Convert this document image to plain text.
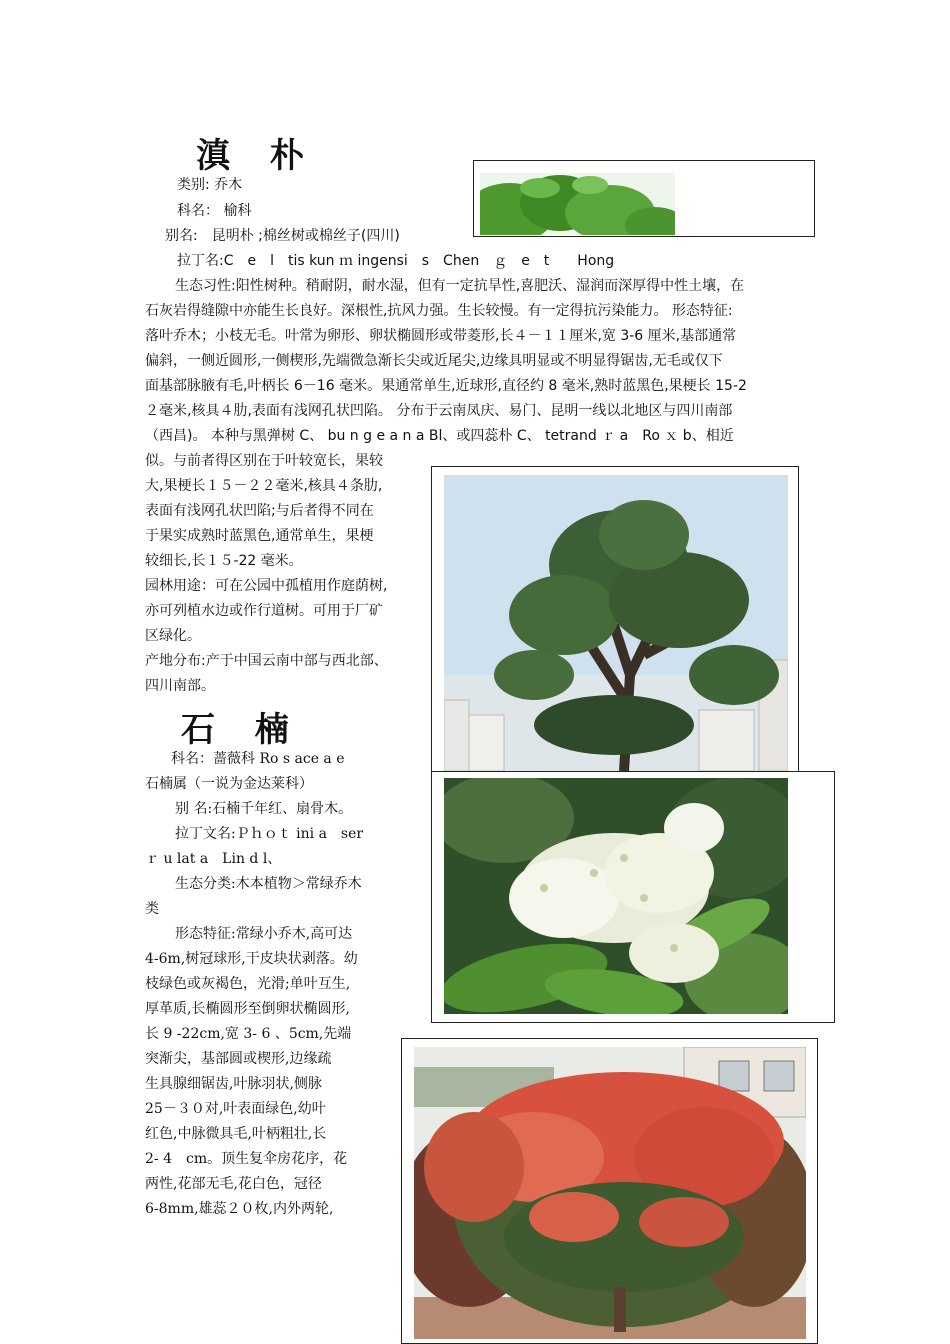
滇 朴
类别: 乔木
科名： 榆科
别名:　昆明朴 ;棉丝树或棉丝子(四川)
拉丁名:C　e　l　tis kun ｍ ingensi　s　Chen　ｇ　e　t　　Hong
生态习性:阳性树种。稍耐阴，耐水湿，但有一定抗旱性,喜肥沃、湿润而深厚得中性土壤，在
石灰岩得缝隙中亦能生长良好。深根性,抗风力强。生长较慢。有一定得抗污染能力。 形态特征:
落叶乔木；小枝无毛。叶常为卵形、卵状椭圆形或带菱形,长４－１１厘米,宽 3-6 厘米,基部通常
偏斜，一侧近圆形,一侧楔形,先端微急渐长尖或近尾尖,边缘具明显或不明显得锯齿,无毛或仅下
面基部脉腋有毛,叶柄长 6－16 毫米。果通常单生,近球形,直径约 8 毫米,熟时蓝黑色,果梗长 15-2
２毫米,核具４肋,表面有浅网孔状凹陷。 分布于云南凤庆、易门、昆明一线以北地区与四川南部
（西昌)。 本种与黑弹树 C、 bu n g e a n a Bl、或四蕊朴 C、 tetrand ｒ a　Ro ｘ b、相近
似。与前者得区别在于叶较宽长，果较
大,果梗长１５－２２毫米,核具４条肋,
表面有浅网孔状凹陷;与后者得不同在
于果实成熟时蓝黑色,通常单生，果梗
较细长,长１５-22 毫米。
园林用途：可在公园中孤植用作庭荫树,
亦可列植水边或作行道树。可用于厂矿
区绿化。
产地分布:产于中国云南中部与西北部、
四川南部。
石 楠
科名：蔷薇科 Ro s ace a e
石楠属（一说为金达莱科）
别 名:石楠千年红、扇骨木。
拉丁文名:Ｐｈｏｔ ini a　ser
ｒ u lat a　Lin d l、
生态分类:木本植物＞常绿乔木
类
形态特征:常绿小乔木,高可达
4-6m,树冠球形,干皮块状剥落。幼
枝绿色或灰褐色，光滑;单叶互生,
厚革质,长椭圆形至倒卵状椭圆形,
长 9 -22cm,宽 3- 6 、5cm,先端
突渐尖，基部圆或楔形,边缘疏
生具腺细锯齿,叶脉羽状,侧脉
25－３０对,叶表面绿色,幼叶
红色,中脉微具毛,叶柄粗壮,长
2- 4　cm。顶生复伞房花序，花
两性,花部无毛,花白色，冠径
6-8mm,雄蕊２０枚,内外两轮,
